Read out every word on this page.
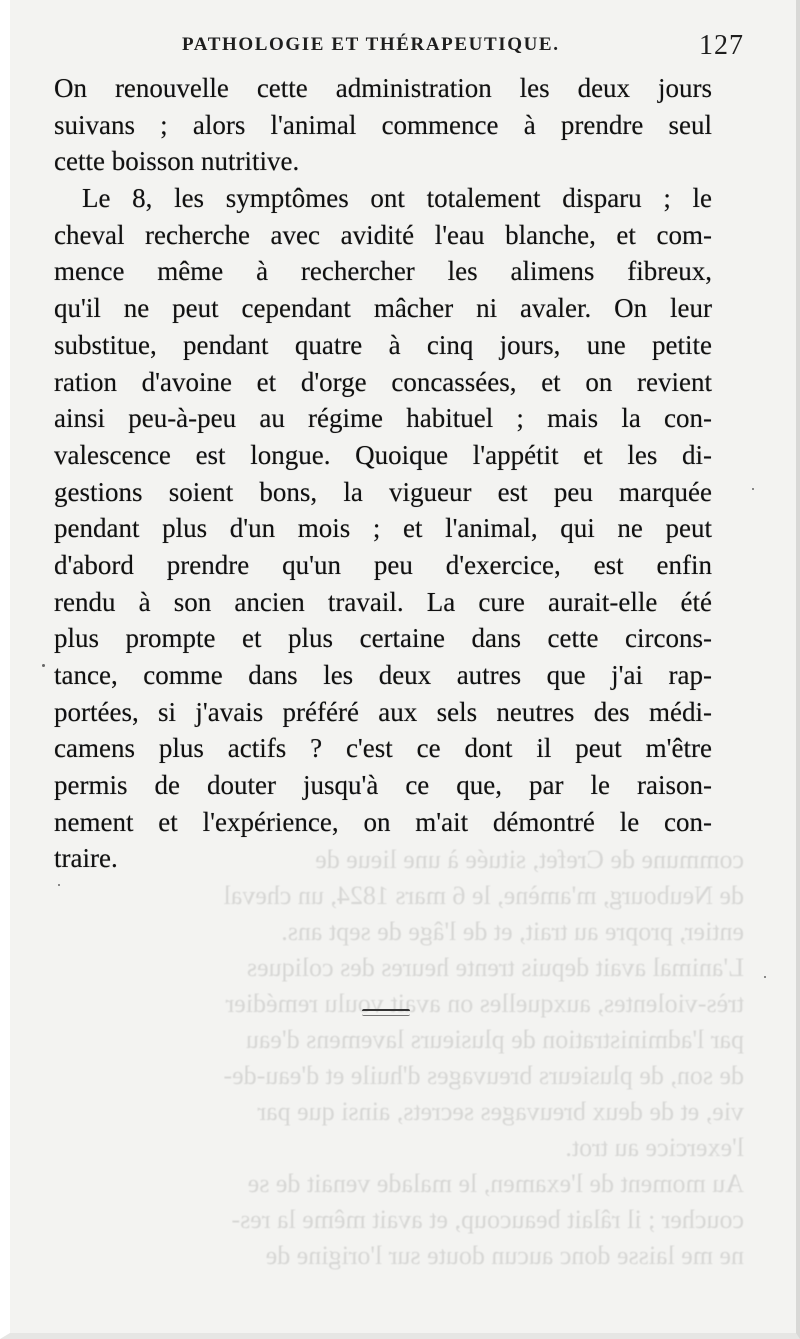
commune de Crefet, située à une lieue de
de Neubourg, m'amène, le 6 mars 1824, un cheval
entier, propre au trait, et de l'âge de sept ans.
L'animal avait depuis trente heures des coliques
très-violentes, auxquelles on avait voulu remédier
par l'administration de plusieurs lavemens d'eau
de son, de plusieurs breuvages d'huile et d'eau-de-
vie, et de deux breuvages secrets, ainsi que par
l'exercice au trot.
Au moment de l'examen, le malade venait de se
coucher ; il râlait beaucoup, et avait même la res-
ne me laisse donc aucun doute sur l'origine de
PATHOLOGIE ET THÉRAPEUTIQUE.	127
On renouvelle cette administration les deux jours
suivans ; alors l'animal commence à prendre seul
cette boisson nutritive.
Le 8, les symptômes ont totalement disparu ; le
cheval recherche avec avidité l'eau blanche, et com-
mence même à rechercher les alimens fibreux,
qu'il ne peut cependant mâcher ni avaler. On leur
substitue, pendant quatre à cinq jours, une petite
ration d'avoine et d'orge concassées, et on revient
ainsi peu-à-peu au régime habituel ; mais la con-
valescence est longue. Quoique l'appétit et les di-
gestions soient bons, la vigueur est peu marquée
pendant plus d'un mois ; et l'animal, qui ne peut
d'abord prendre qu'un peu d'exercice, est enfin
rendu à son ancien travail. La cure aurait-elle été
plus prompte et plus certaine dans cette circons-
tance, comme dans les deux autres que j'ai rap-
portées, si j'avais préféré aux sels neutres des médi-
camens plus actifs ? c'est ce dont il peut m'être
permis de douter jusqu'à ce que, par le raison-
nement et l'expérience, on m'ait démontré le con-
traire.
